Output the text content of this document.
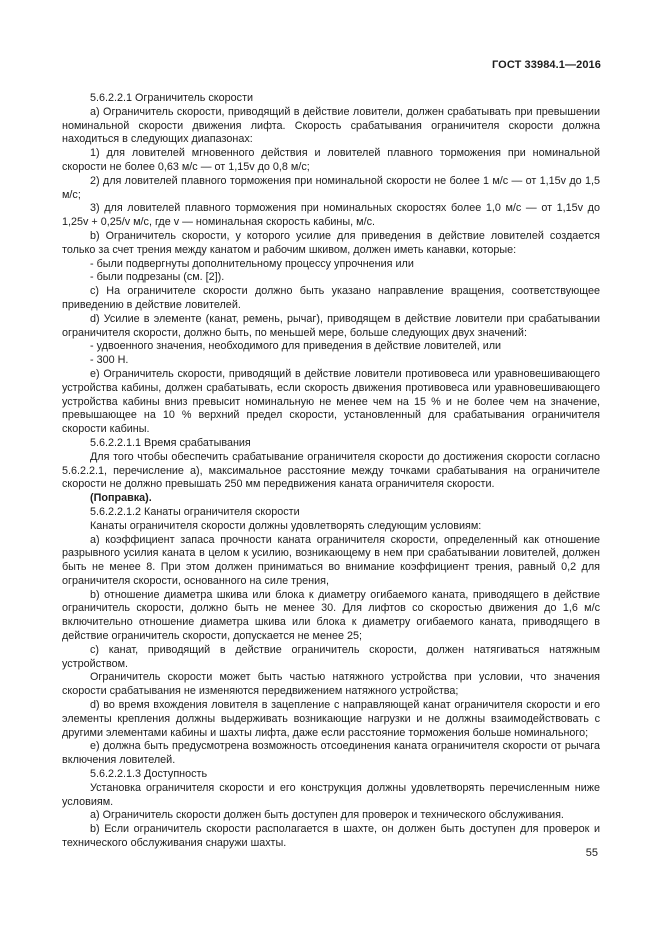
ГОСТ 33984.1—2016

5.6.2.2.1 Ограничитель скорости

a) Ограничитель скорости, приводящий в действие ловители, должен срабатывать при превышении номинальной скорости движения лифта. Скорость срабатывания ограничителя скорости должна находиться в следующих диапазонах:

1) для ловителей мгновенного действия и ловителей плавного торможения при номинальной скорости не более 0,63 м/с — от 1,15v до 0,8 м/с;

2) для ловителей плавного торможения при номинальной скорости не более 1 м/с — от 1,15v до 1,5 м/с;

3) для ловителей плавного торможения при номинальных скоростях более 1,0 м/с — от 1,15v до 1,25v + 0,25/v м/с, где v — номинальная скорость кабины, м/с.

b) Ограничитель скорости, у которого усилие для приведения в действие ловителей создается только за счет трения между канатом и рабочим шкивом, должен иметь канавки, которые:

- были подвергнуты дополнительному процессу упрочнения или
- были подрезаны (см. [2]).

c) На ограничителе скорости должно быть указано направление вращения, соответствующее приведению в действие ловителей.

d) Усилие в элементе (канат, ремень, рычаг), приводящем в действие ловители при срабатывании ограничителя скорости, должно быть, по меньшей мере, больше следующих двух значений:

- удвоенного значения, необходимого для приведения в действие ловителей, или
- 300 Н.

e) Ограничитель скорости, приводящий в действие ловители противовеса или уравновешивающего устройства кабины, должен срабатывать, если скорость движения противовеса или уравновешивающего устройства кабины вниз превысит номинальную не менее чем на 15 % и не более чем на значение, превышающее на 10 % верхний предел скорости, установленный для срабатывания ограничителя скорости кабины.

5.6.2.2.1.1 Время срабатывания

Для того чтобы обеспечить срабатывание ограничителя скорости до достижения скорости согласно 5.6.2.2.1, перечисление a), максимальное расстояние между точками срабатывания на ограничителе скорости не должно превышать 250 мм передвижения каната ограничителя скорости.

(Поправка).

5.6.2.2.1.2 Канаты ограничителя скорости

Канаты ограничителя скорости должны удовлетворять следующим условиям:

a) коэффициент запаса прочности каната ограничителя скорости, определенный как отношение разрывного усилия каната в целом к усилию, возникающему в нем при срабатывании ловителей, должен быть не менее 8. При этом должен приниматься во внимание коэффициент трения, равный 0,2 для ограничителя скорости, основанного на силе трения,

b) отношение диаметра шкива или блока к диаметру огибаемого каната, приводящего в действие ограничитель скорости, должно быть не менее 30. Для лифтов со скоростью движения до 1,6 м/с включительно отношение диаметра шкива или блока к диаметру огибаемого каната, приводящего в действие ограничитель скорости, допускается не менее 25;

c) канат, приводящий в действие ограничитель скорости, должен натягиваться натяжным устройством.

Ограничитель скорости может быть частью натяжного устройства при условии, что значения скорости срабатывания не изменяются передвижением натяжного устройства;

d) во время вхождения ловителя в зацепление с направляющей канат ограничителя скорости и его элементы крепления должны выдерживать возникающие нагрузки и не должны взаимодействовать с другими элементами кабины и шахты лифта, даже если расстояние торможения больше номинального;

e) должна быть предусмотрена возможность отсоединения каната ограничителя скорости от рычага включения ловителей.

5.6.2.2.1.3 Доступность

Установка ограничителя скорости и его конструкция должны удовлетворять перечисленным ниже условиям.

a) Ограничитель скорости должен быть доступен для проверок и технического обслуживания.

b) Если ограничитель скорости располагается в шахте, он должен быть доступен для проверок и технического обслуживания снаружи шахты.

55
